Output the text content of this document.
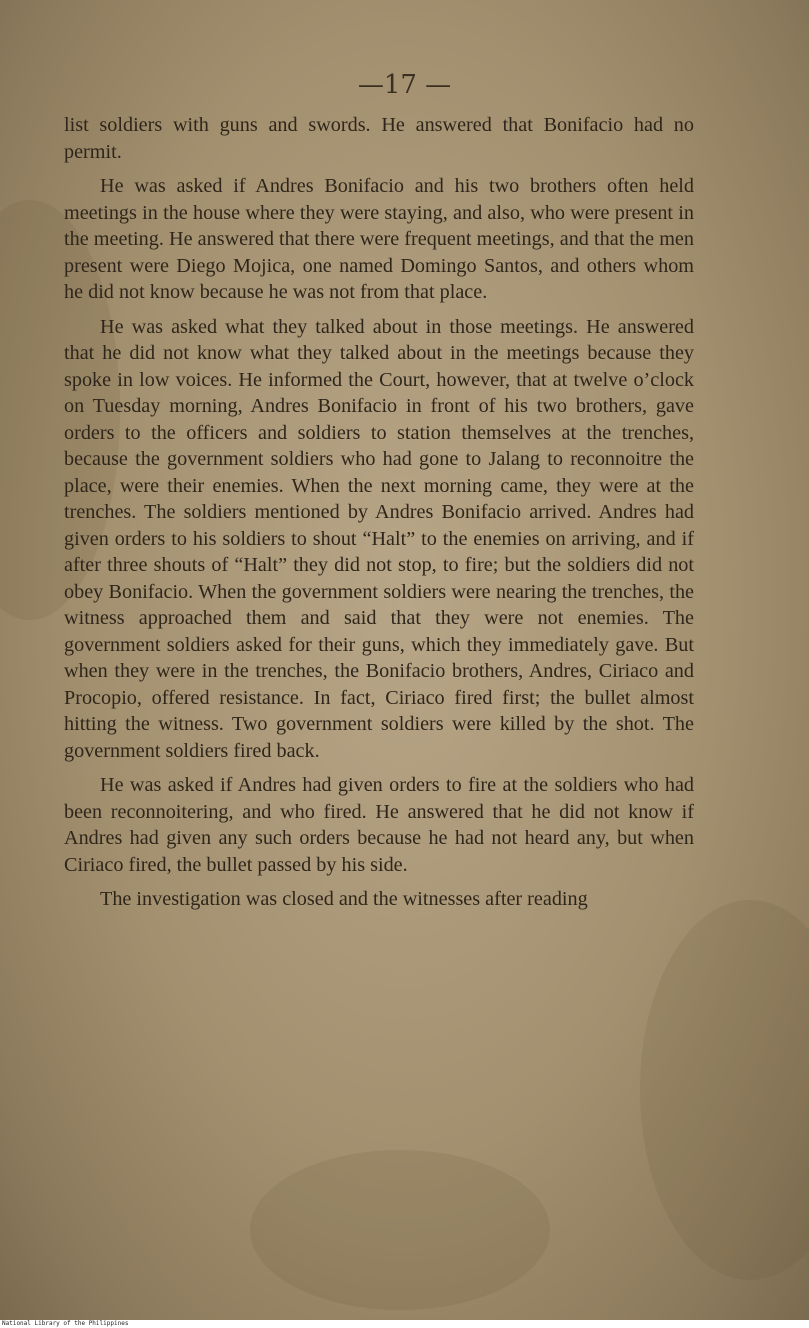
—17 —

list soldiers with guns and swords. He answered that Bonifacio had no permit.

He was asked if Andres Bonifacio and his two brothers often held meetings in the house where they were staying, and also, who were present in the meeting. He answered that there were frequent meetings, and that the men present were Diego Mojica, one named Domingo Santos, and others whom he did not know because he was not from that place.

He was asked what they talked about in those meetings. He answered that he did not know what they talked about in the meetings because they spoke in low voices. He informed the Court, however, that at twelve o’clock on Tuesday morning, Andres Bonifacio in front of his two brothers, gave orders to the officers and soldiers to station themselves at the trenches, because the government soldiers who had gone to Jalang to reconnoitre the place, were their enemies. When the next morning came, they were at the trenches. The soldiers mentioned by Andres Bonifacio arrived. Andres had given orders to his soldiers to shout “Halt” to the enemies on arriving, and if after three shouts of “Halt” they did not stop, to fire; but the soldiers did not obey Bonifacio. When the government soldiers were nearing the trenches, the witness approached them and said that they were not enemies. The government soldiers asked for their guns, which they immediately gave. But when they were in the trenches, the Bonifacio brothers, Andres, Ciriaco and Procopio, offered resistance. In fact, Ciriaco fired first; the bullet almost hitting the witness. Two government soldiers were killed by the shot. The government soldiers fired back.

He was asked if Andres had given orders to fire at the soldiers who had been reconnoitering, and who fired. He answered that he did not know if Andres had given any such orders because he had not heard any, but when Ciriaco fired, the bullet passed by his side.

The investigation was closed and the witnesses after reading

National Library of the Philippines
